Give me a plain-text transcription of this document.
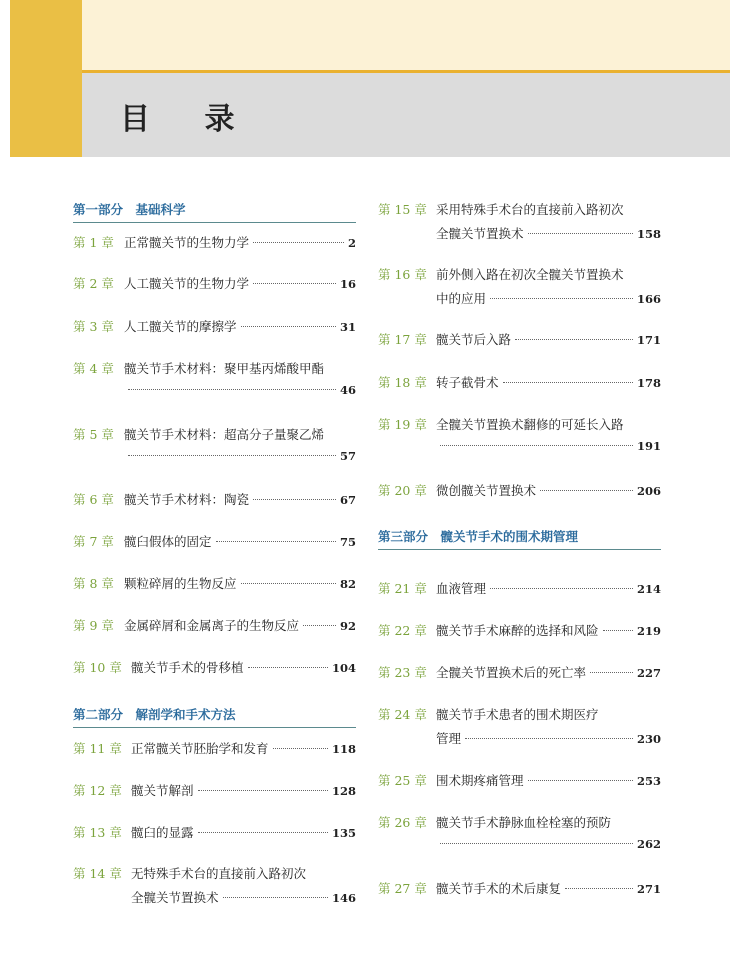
目 录
第一部分　基础科学
第 1 章 正常髋关节的生物力学	2
第 2 章 人工髋关节的生物力学	16
第 3 章 人工髋关节的摩擦学	31
第 4 章 髋关节手术材料：聚甲基丙烯酸甲酯
46
第 5 章 髋关节手术材料：超高分子量聚乙烯
57
第 6 章 髋关节手术材料：陶瓷	67
第 7 章 髋臼假体的固定	75
第 8 章 颗粒碎屑的生物反应	82
第 9 章 金属碎屑和金属离子的生物反应	92
第 10 章 髋关节手术的骨移植	104
第二部分　解剖学和手术方法
第 11 章 正常髋关节胚胎学和发育	118
第 12 章 髋关节解剖	128
第 13 章 髋臼的显露	135
第 14 章 无特殊手术台的直接前入路初次
全髋关节置换术	146
第 15 章 采用特殊手术台的直接前入路初次
全髋关节置换术	158
第 16 章 前外侧入路在初次全髋关节置换术
中的应用	166
第 17 章 髋关节后入路	171
第 18 章 转子截骨术	178
第 19 章 全髋关节置换术翻修的可延长入路
191
第 20 章 微创髋关节置换术	206
第三部分　髋关节手术的围术期管理
第 21 章 血液管理	214
第 22 章 髋关节手术麻醉的选择和风险	219
第 23 章 全髋关节置换术后的死亡率	227
第 24 章 髋关节手术患者的围术期医疗
管理	230
第 25 章 围术期疼痛管理	253
第 26 章 髋关节手术静脉血栓栓塞的预防
262
第 27 章 髋关节手术的术后康复	271
